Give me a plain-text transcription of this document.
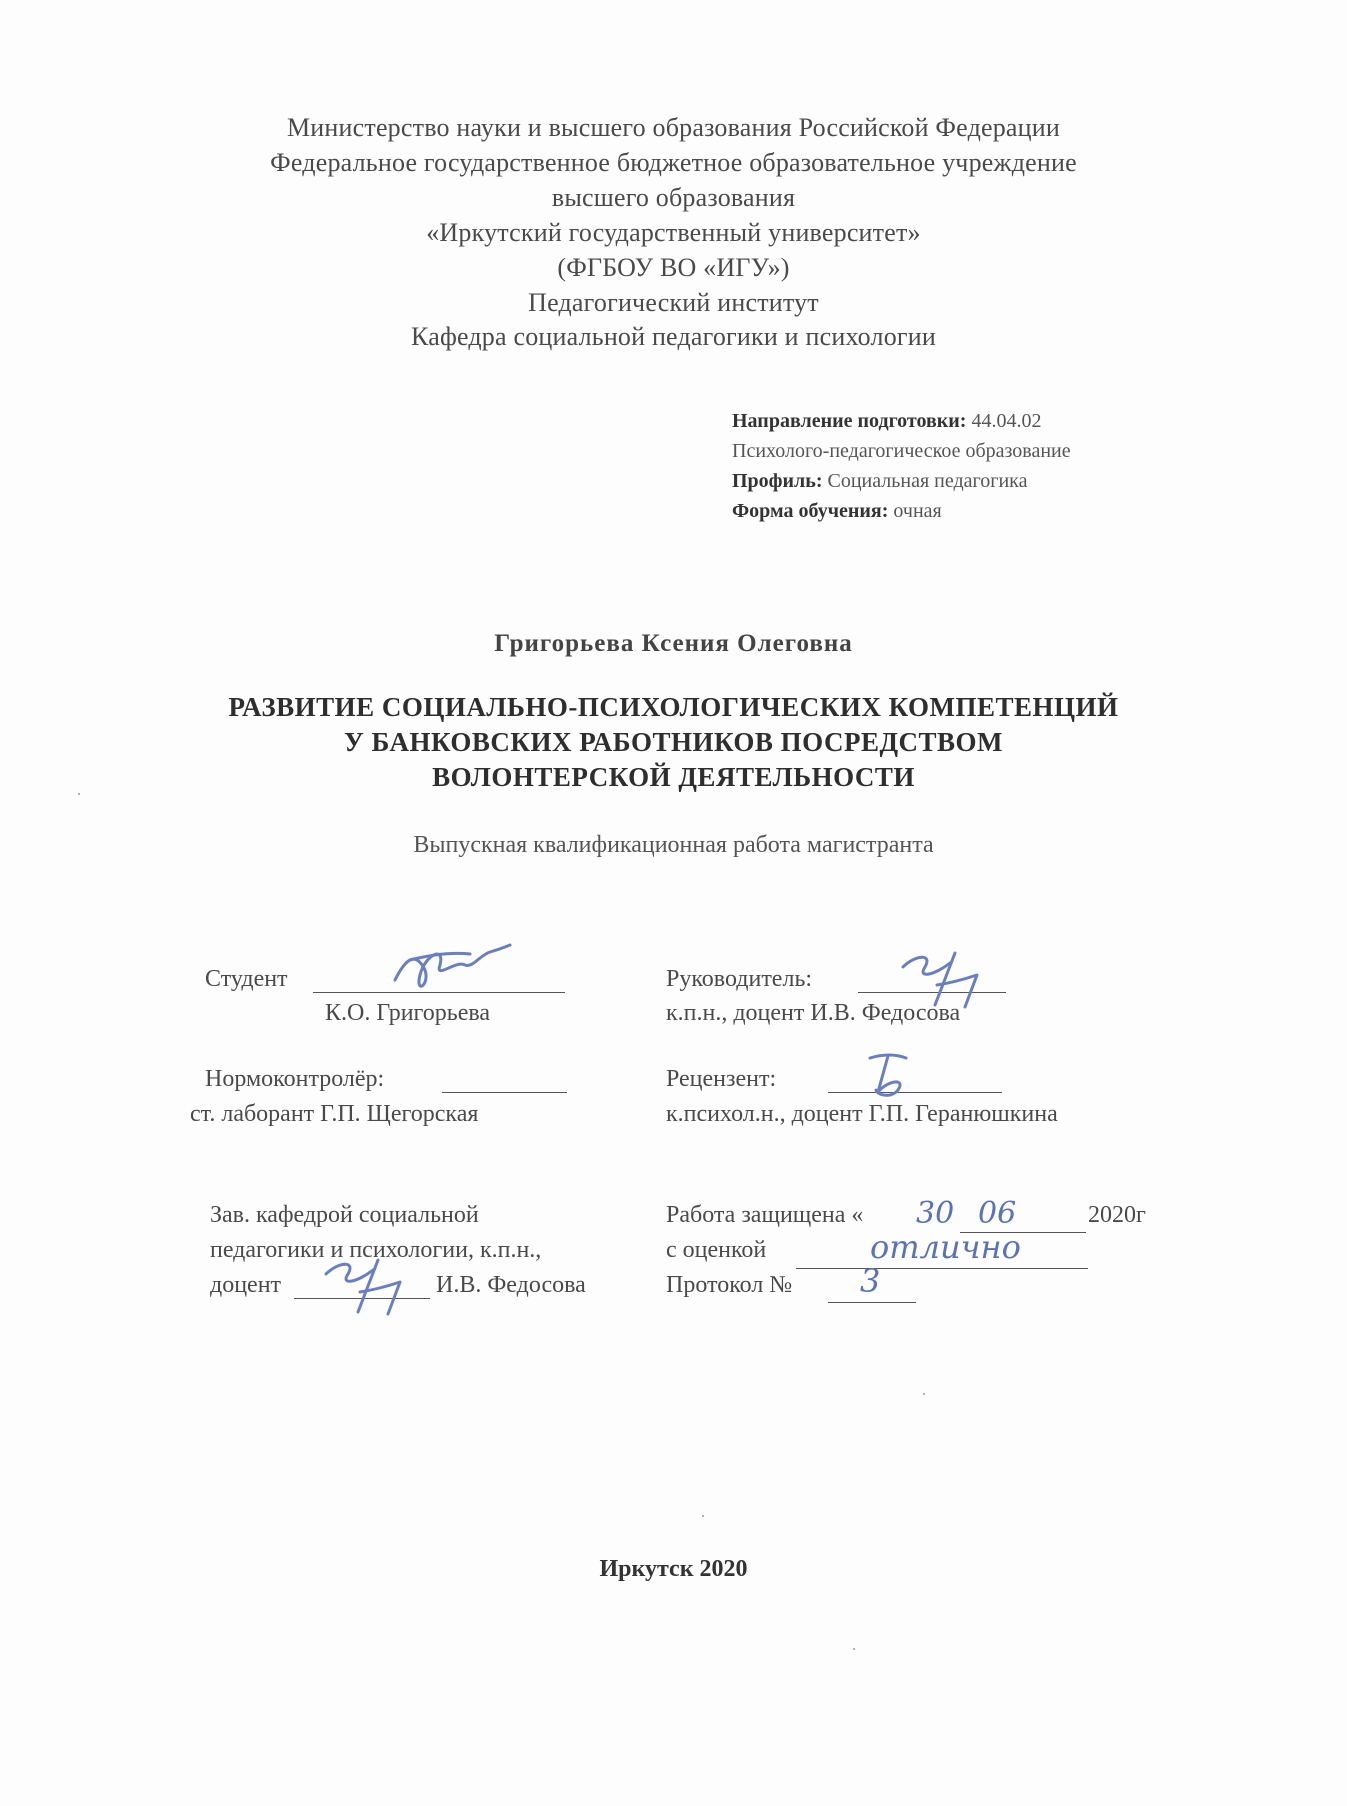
Министерство науки и высшего образования Российской Федерации
Федеральное государственное бюджетное образовательное учреждение
высшего образования
«Иркутский государственный университет»
(ФГБОУ ВО «ИГУ»)
Педагогический институт
Кафедра социальной педагогики и психологии
Направление подготовки: 44.04.02
Психолого-педагогическое образование
Профиль: Социальная педагогика
Форма обучения: очная
Григорьева Ксения Олеговна
РАЗВИТИЕ СОЦИАЛЬНО-ПСИХОЛОГИЧЕСКИХ КОМПЕТЕНЦИЙ
У БАНКОВСКИХ РАБОТНИКОВ ПОСРЕДСТВОМ
ВОЛОНТЕРСКОЙ ДЕЯТЕЛЬНОСТИ
Выпускная квалификационная работа магистранта
Студент
К.О. Григорьева
Руководитель:
к.п.н., доцент И.В. Федосова
Нормоконтролёр:
ст. лаборант Г.П. Щегорская
Рецензент:
к.психол.н., доцент Г.П. Геранюшкина
Зав. кафедрой социальной
педагогики и психологии, к.п.н.,
доцент	И.В. Федосова
Работа защищена « 30 06	2020г
с оценкой	отлично
Протокол № 3
Иркутск 2020
